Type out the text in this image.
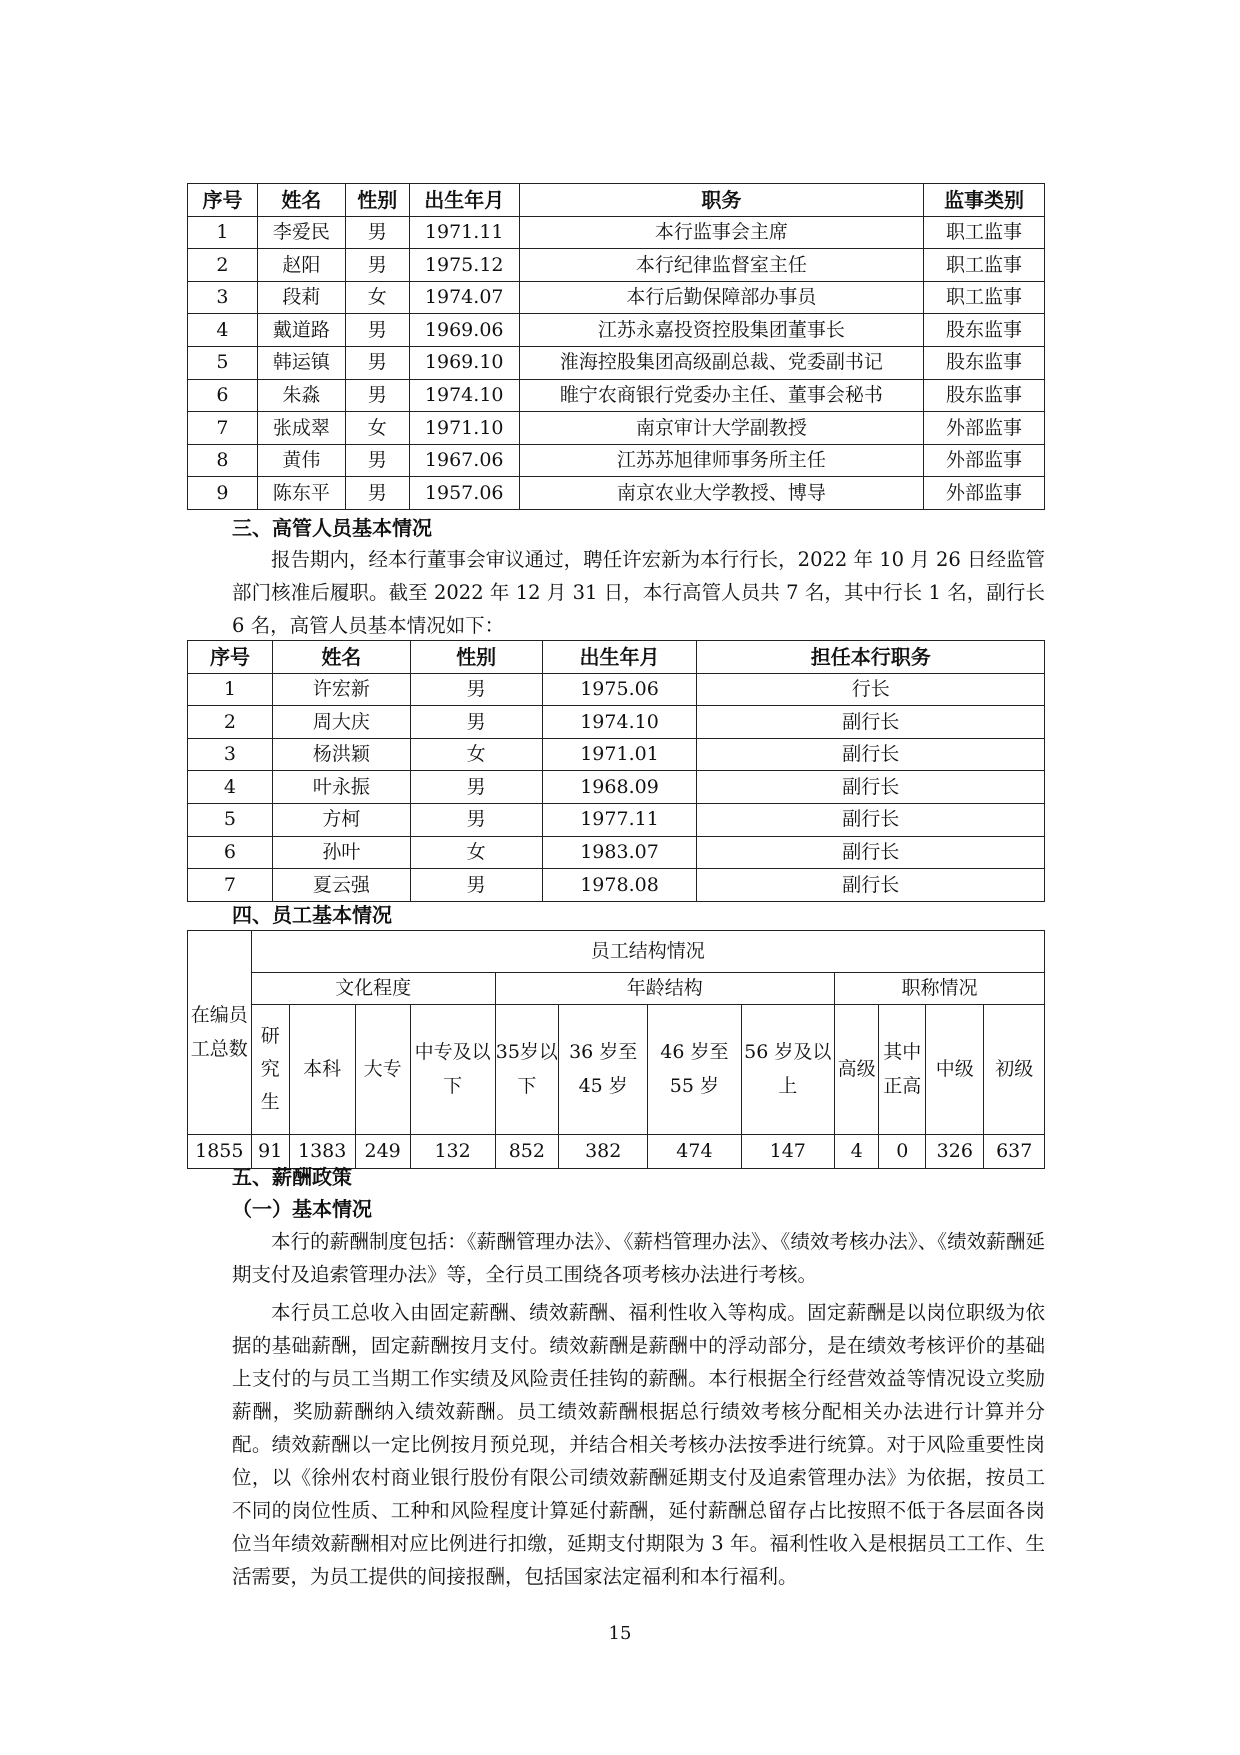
序号	姓名	性别	出生年月	职务	监事类别
1	李爱民	男	1971.11	本行监事会主席	职工监事
2	赵阳	男	1975.12	本行纪律监督室主任	职工监事
3	段莉	女	1974.07	本行后勤保障部办事员	职工监事
4	戴道路	男	1969.06	江苏永嘉投资控股集团董事长	股东监事
5	韩运镇	男	1969.10	淮海控股集团高级副总裁、党委副书记	股东监事
6	朱淼	男	1974.10	睢宁农商银行党委办主任、董事会秘书	股东监事
7	张成翠	女	1971.10	南京审计大学副教授	外部监事
8	黄伟	男	1967.06	江苏苏旭律师事务所主任	外部监事
9	陈东平	男	1957.06	南京农业大学教授、博导	外部监事
三、高管人员基本情况

报告期内，经本行董事会审议通过，聘任许宏新为本行行长，2022 年 10 月 26 日经监管部门核准后履职。截至 2022 年 12 月 31 日，本行高管人员共 7 名，其中行长 1 名，副行长 6 名，高管人员基本情况如下：

序号	姓名	性别	出生年月	担任本行职务
1	许宏新	男	1975.06	行长
2	周大庆	男	1974.10	副行长
3	杨洪颖	女	1971.01	副行长
4	叶永振	男	1968.09	副行长
5	方柯	男	1977.11	副行长
6	孙叶	女	1983.07	副行长
7	夏云强	男	1978.08	副行长
四、员工基本情况
在编员工总数	员工结构情况											
	文化程度				年龄结构				职称情况			
	研究生	本科	大专	中专及以下	35岁以下	36 岁至 45 岁	46 岁至 55 岁	56 岁及以上	高级	其中正高	中级	初级
1855	91	1383	249	132	852	382	474	147	4	0	326	637
五、薪酬政策
（一）基本情况

本行的薪酬制度包括：《薪酬管理办法》、《薪档管理办法》、《绩效考核办法》、《绩效薪酬延期支付及追索管理办法》等，全行员工围绕各项考核办法进行考核。

本行员工总收入由固定薪酬、绩效薪酬、福利性收入等构成。固定薪酬是以岗位职级为依据的基础薪酬，固定薪酬按月支付。绩效薪酬是薪酬中的浮动部分，是在绩效考核评价的基础上支付的与员工当期工作实绩及风险责任挂钩的薪酬。本行根据全行经营效益等情况设立奖励薪酬，奖励薪酬纳入绩效薪酬。员工绩效薪酬根据总行绩效考核分配相关办法进行计算并分配。绩效薪酬以一定比例按月预兑现，并结合相关考核办法按季进行统算。对于风险重要性岗位，以《徐州农村商业银行股份有限公司绩效薪酬延期支付及追索管理办法》为依据，按员工不同的岗位性质、工种和风险程度计算延付薪酬，延付薪酬总留存占比按照不低于各层面各岗位当年绩效薪酬相对应比例进行扣缴，延期支付期限为 3 年。福利性收入是根据员工工作、生活需要，为员工提供的间接报酬，包括国家法定福利和本行福利。

15
